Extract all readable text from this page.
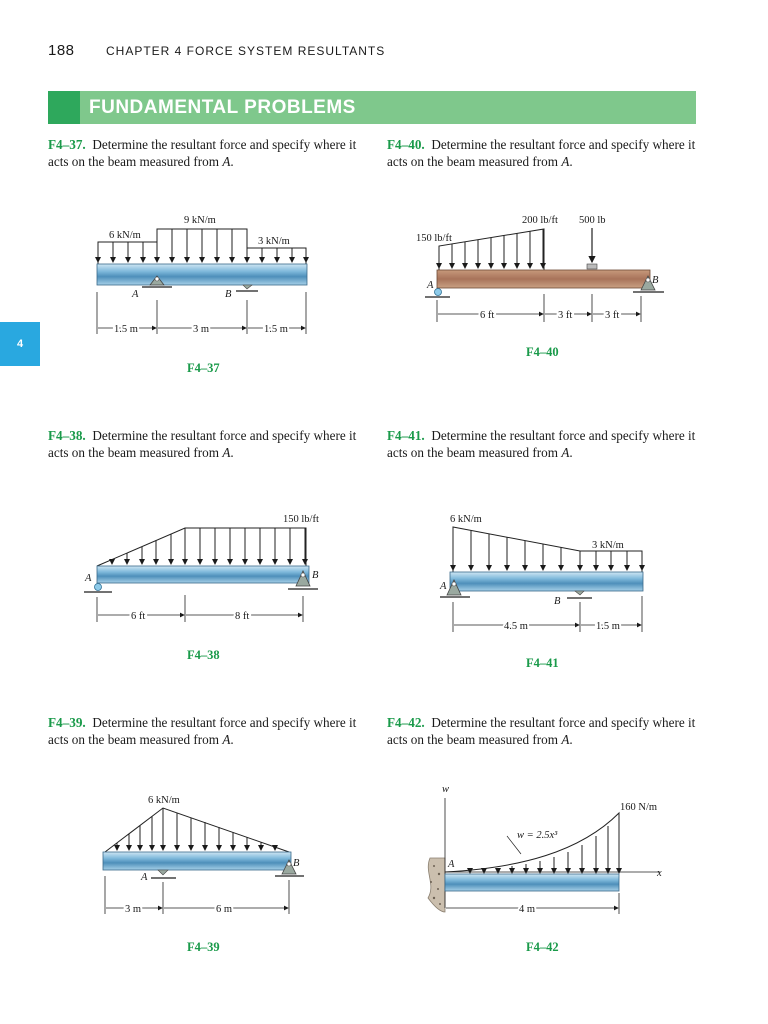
188	CHAPTER 4 FORCE SYSTEM RESULTANTS
FUNDAMENTAL PROBLEMS
4
F4–37. Determine the resultant force and specify where it acts on the beam measured from A.
F4–40. Determine the resultant force and specify where it acts on the beam measured from A.
F4–38. Determine the resultant force and specify where it acts on the beam measured from A.
F4–41. Determine the resultant force and specify where it acts on the beam measured from A.
F4–39. Determine the resultant force and specify where it acts on the beam measured from A.
F4–42. Determine the resultant force and specify where it acts on the beam measured from A.
F4–37
F4–40
F4–38
F4–41
F4–39	F4–42
9 kN/m
6 kN/m
3 kN/m
A	B
1.5 m	3 m	1.5 m
200 lb/ft 500 lb
150 lb/ft
A	B
6 ft	3 ft	3 ft
150 lb/ft
A	B
6 ft	8 ft
6 kN/m
3 kN/m
A
B
4.5 m	1.5 m
6 kN/m
A
B
3 m	6 m
w
160 N/m
w = 2.5x³
A
x
4 m
